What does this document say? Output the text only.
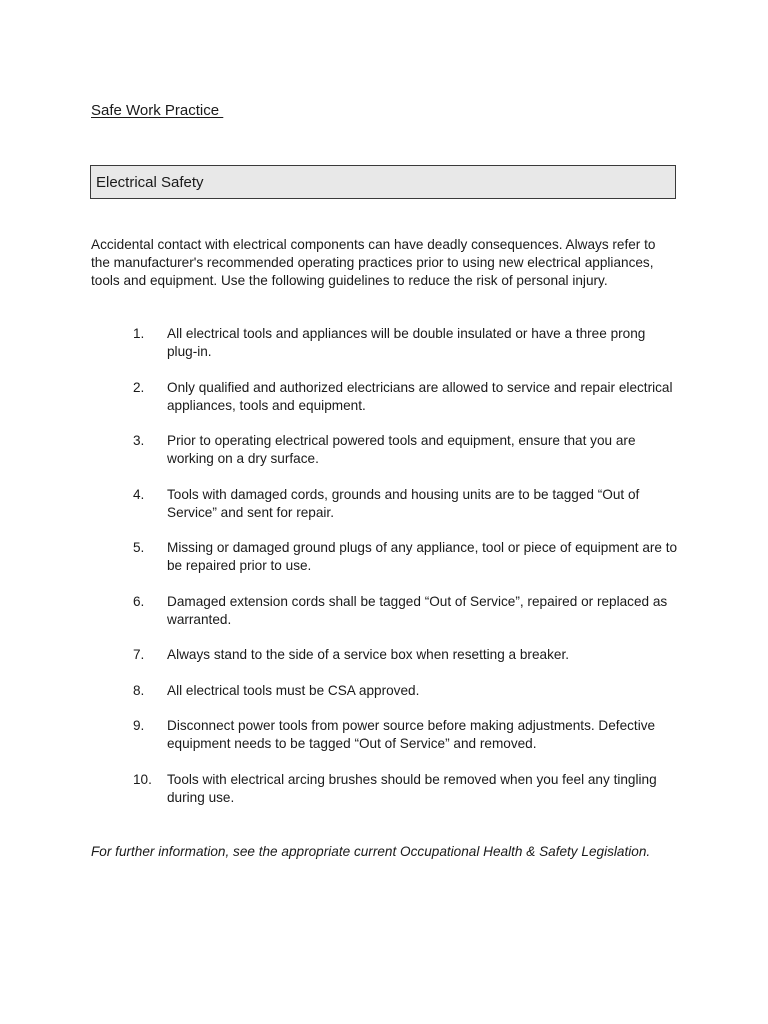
Safe Work Practice
Electrical Safety

Accidental contact with electrical components can have deadly consequences. Always refer to the manufacturer's recommended operating practices prior to using new electrical appliances, tools and equipment. Use the following guidelines to reduce the risk of personal injury.

1.	All electrical tools and appliances will be double insulated or have a three prong plug-in.
2.	Only qualified and authorized electricians are allowed to service and repair electrical appliances, tools and equipment.
3.	Prior to operating electrical powered tools and equipment, ensure that you are working on a dry surface.
4.	Tools with damaged cords, grounds and housing units are to be tagged “Out of Service” and sent for repair.
5.	Missing or damaged ground plugs of any appliance, tool or piece of equipment are to be repaired prior to use.
6.	Damaged extension cords shall be tagged “Out of Service”, repaired or replaced as warranted.
7.	Always stand to the side of a service box when resetting a breaker.
8.	All electrical tools must be CSA approved.
9.	Disconnect power tools from power source before making adjustments. Defective equipment needs to be tagged “Out of Service” and removed.
10. Tools with electrical arcing brushes should be removed when you feel any tingling during use.

For further information, see the appropriate current Occupational Health & Safety Legislation.
